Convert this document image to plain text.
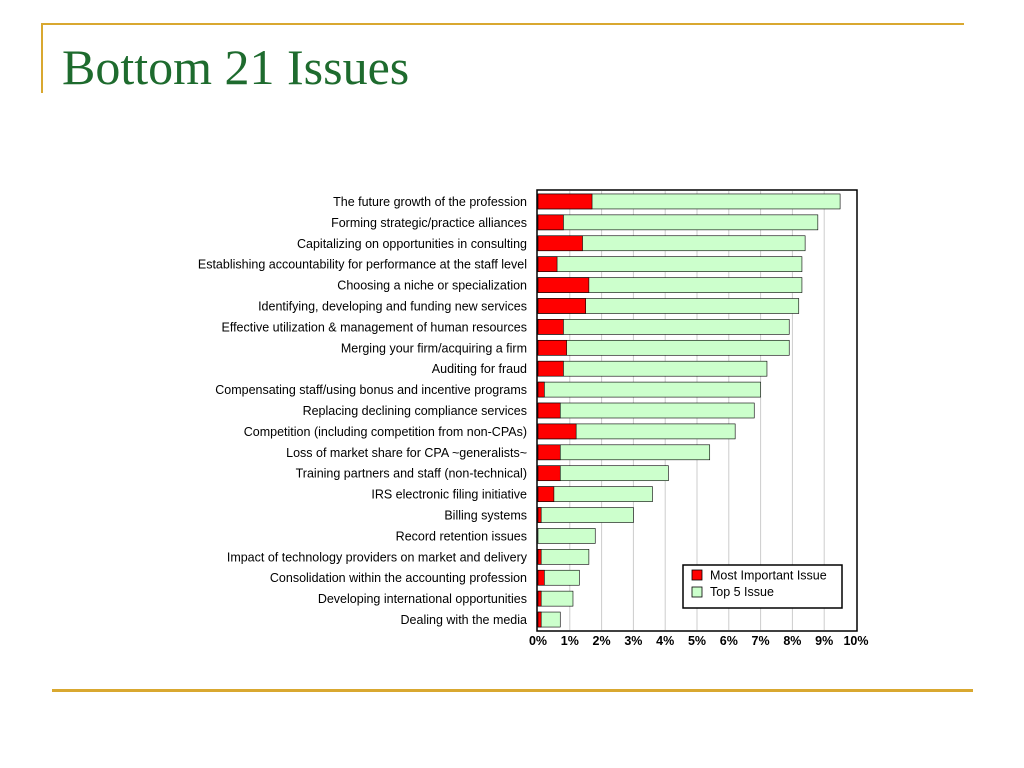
Bottom 21 Issues
The future growth of the profession
Forming strategic/practice alliances
Capitalizing on opportunities in consulting
Establishing accountability for performance at the staff level
Choosing a niche or specialization
Identifying, developing and funding new services
Effective utilization & management of human resources
Merging your firm/acquiring a firm
Auditing for fraud
Compensating staff/using bonus and incentive programs
Replacing declining compliance services
Competition (including competition from non-CPAs)
Loss of market share for CPA ~generalists~
Training partners and staff (non-technical)
IRS electronic filing initiative
Billing systems
Record retention issues
Impact of technology providers on market and delivery
Consolidation within the accounting profession
Developing international opportunities
Dealing with the media
0% 1% 2% 3% 4% 5% 6% 7% 8% 9% 10%
Most Important Issue
Top 5 Issue
